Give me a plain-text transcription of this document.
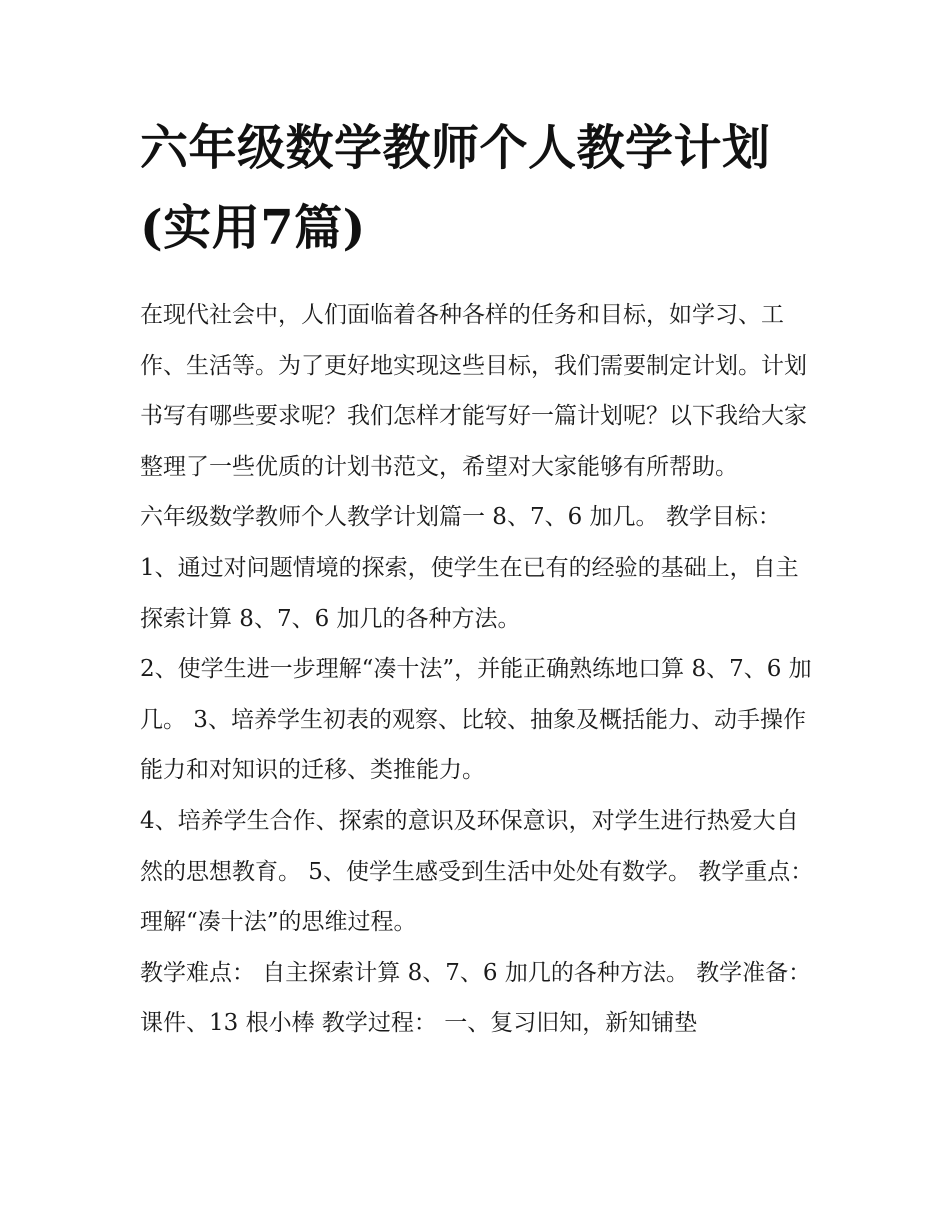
六年级数学教师个人教学计划(实用7篇)

在现代社会中，人们面临着各种各样的任务和目标，如学习、工作、生活等。为了更好地实现这些目标，我们需要制定计划。计划书写有哪些要求呢？我们怎样才能写好一篇计划呢？以下我给大家整理了一些优质的计划书范文，希望对大家能够有所帮助。

六年级数学教师个人教学计划篇一 8、7、6 加几。 教学目标： 1、通过对问题情境的探索，使学生在已有的经验的基础上，自主探索计算 8、7、6 加几的各种方法。

2、使学生进一步理解“凑十法”，并能正确熟练地口算 8、7、6 加几。 3、培养学生初表的观察、比较、抽象及概括能力、动手操作能力和对知识的迁移、类推能力。

4、培养学生合作、探索的意识及环保意识，对学生进行热爱大自然的思想教育。 5、使学生感受到生活中处处有数学。 教学重点： 理解“凑十法”的思维过程。

教学难点： 自主探索计算 8、7、6 加几的各种方法。 教学准备： 课件、13 根小棒 教学过程： 一、复习旧知，新知铺垫
